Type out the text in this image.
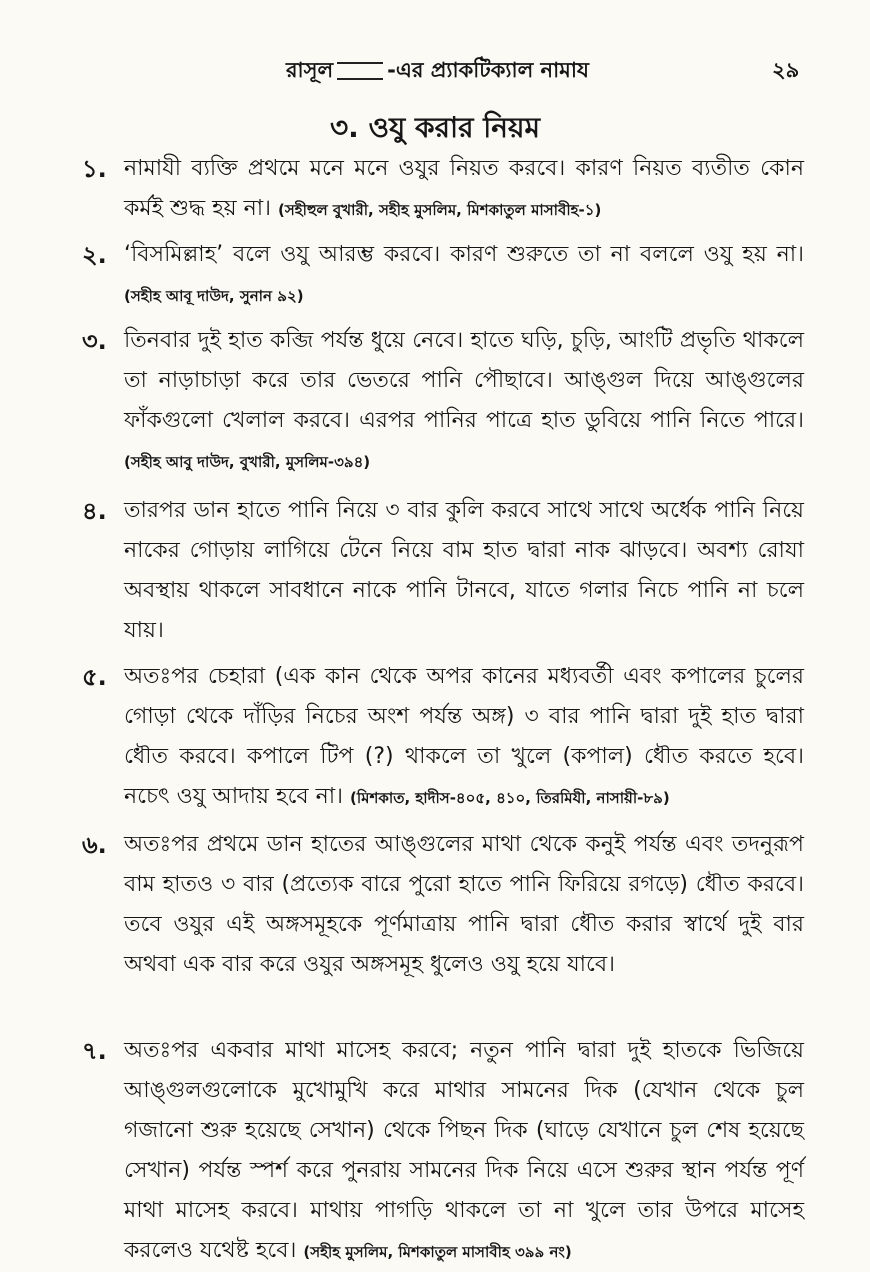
রাসূল	-এর প্র্যাকটিক্যাল নামায	২৯
৩. ওযু করার নিয়ম
১. নামাযী ব্যক্তি প্রথমে মনে মনে ওযুর নিয়ত করবে। কারণ নিয়ত ব্যতীত কোন কর্মই শুদ্ধ হয় না। (সহীহুল বুখারী, সহীহ মুসলিম, মিশকাতুল মাসাবীহ-১)
২. ‘বিসমিল্লাহ’ বলে ওযু আরম্ভ করবে। কারণ শুরুতে তা না বললে ওযু হয় না। (সহীহ আবূ দাউদ, সুনান ৯২)
৩. তিনবার দুই হাত কব্জি পর্যন্ত ধুয়ে নেবে। হাতে ঘড়ি, চুড়ি, আংটি প্রভৃতি থাকলে তা নাড়াচাড়া করে তার ভেতরে পানি পৌছাবে। আঙ্গুল দিয়ে আঙ্গুলের ফাঁকগুলো খেলাল করবে। এরপর পানির পাত্রে হাত ডুবিয়ে পানি নিতে পারে। (সহীহ আবু দাউদ, বুখারী, মুসলিম-৩৯৪)
৪. তারপর ডান হাতে পানি নিয়ে ৩ বার কুলি করবে সাথে সাথে অর্ধেক পানি নিয়ে নাকের গোড়ায় লাগিয়ে টেনে নিয়ে বাম হাত দ্বারা নাক ঝাড়বে। অবশ্য রোযা অবস্থায় থাকলে সাবধানে নাকে পানি টানবে, যাতে গলার নিচে পানি না চলে যায়।
৫. অতঃপর চেহারা (এক কান থেকে অপর কানের মধ্যবর্তী এবং কপালের চুলের গোড়া থেকে দাঁড়ির নিচের অংশ পর্যন্ত অঙ্গ) ৩ বার পানি দ্বারা দুই হাত দ্বারা ধৌত করবে। কপালে টিপ (?) থাকলে তা খুলে (কপাল) ধৌত করতে হবে। নচেৎ ওযু আদায় হবে না। (মিশকাত, হাদীস-৪০৫, ৪১০, তিরমিযী, নাসায়ী-৮৯)
৬. অতঃপর প্রথমে ডান হাতের আঙ্গুলের মাথা থেকে কনুই পর্যন্ত এবং তদনুরূপ বাম হাতও ৩ বার (প্রত্যেক বারে পুরো হাতে পানি ফিরিয়ে রগড়ে) ধৌত করবে। তবে ওযুর এই অঙ্গসমূহকে পূর্ণমাত্রায় পানি দ্বারা ধৌত করার স্বার্থে দুই বার অথবা এক বার করে ওযুর অঙ্গসমূহ ধুলেও ওযু হয়ে যাবে।
৭. অতঃপর একবার মাথা মাসেহ করবে; নতুন পানি দ্বারা দুই হাতকে ভিজিয়ে আঙ্গুলগুলোকে মুখোমুখি করে মাথার সামনের দিক (যেখান থেকে চুল গজানো শুরু হয়েছে সেখান) থেকে পিছন দিক (ঘাড়ে যেখানে চুল শেষ হয়েছে সেখান) পর্যন্ত স্পর্শ করে পুনরায় সামনের দিক নিয়ে এসে শুরুর স্থান পর্যন্ত পূর্ণ মাথা মাসেহ করবে। মাথায় পাগড়ি থাকলে তা না খুলে তার উপরে মাসেহ করলেও যথেষ্ট হবে। (সহীহ মুসলিম, মিশকাতুল মাসাবীহ ৩৯৯ নং)
